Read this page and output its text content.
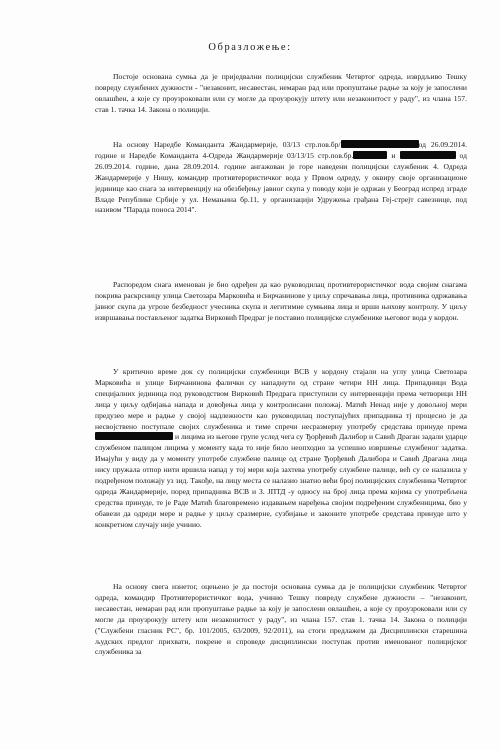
Образложење:
Постоје основана сумња да је приједвални полицијски службеник Четвртог одреда, изврдљиво Тешку повреду службених дужности - "незаконит, несавестан, немаран рад или пропуштање радње за коју је запослени овлашћен, а које су проузроковали или су могле да проузрокују штету или незаконитост у раду", из члана 157. став 1. тачка 14. Закона о полицији.
На основу Наредбе Команданта Жандармерије, 03/13 стр.пов.бр/	од 26.09.2014. године и Наредбе Команданта 4-Одреда Жандармерије 03/13/15 стр.пов.бр.	и	од 26.09.2014. године, дана 28.09.2014. године ангажован је горе наведени полицијски службеник 4. Одреда Жандармерије у Нишу, командир противтерористичког вода у Првом одреду, у оквиру своје организационе јединице као снага за интервенцију на обезбеђењу јавног скупа у поводу који је одржан у Београд испред зграде Владе Републике Србије у ул. Немањина бр.11, у организацији Удружења грађана Геј-стрејт савезнице, под називом "Парада поноса 2014".
Распоредом снага именован је био одређен да као руководилац противтерористичког вода својим снагама покрива раскрсницу улица Светозара Марковића и Бирчанинове у циљу спречавања лица, противника одржавања јавног скупа да угрозе безбедност учесника скупа и легитимне сумњива лица и врши њихову контролу. У циљу извршавања постављеног задатка Вирковић Предраг је поставио полицијске службенике његовог вода у кордон.
У критично време док су полицијски службеници ВСВ у кордону стајали на углу улица Светозара Марковића и улице Бирчанинова фалички су нападнути од стране четири НН лица. Припадници Вода специјалних јединица под руководством Вирковић Предрага приступили су интервенцији према четворици НН лица у циљу одбијања напада и довођења лица у контролисани положај. Матић Ненад није у довољној мери предузео мере и радње у својој надлежности као руководилац поступајућих припадника тј процесно је да несвојствено поступале својих службеника и тиме спречи несразмерну употребу средстава принуде према  и лицима из његове групе услед чега су Ђорђевић Далибор и Савић Драган задали ударце службеном палицом лицима у моменту када то није било неопходно за успешно извршење службеног задатка. Имајући у виду да у моменту употребе службене палице од стране Ђорђевић Далибора и Савић Драгана лица нису пружала отпор нити вршила напад у тој мери која захтева употребу службене палице, већ су се налазила у подређеном положају уз зид. Такође, на лицу места се налазио знатно већи број полицијских службеника Четвртог одреда Жандармерије, поред припадника ВСВ и З. ЈПТД -у односу на број лица према којима су употребљена средства принуде, те је Раде Матић благовремено издавањем наређења својим подређеним службеницима, био у обавези да одреди мере и радње у циљу сразмерне, сузбијање и законите употребе средстава принуде што у конкретном случају није учинио.
На основу свега изнетог, оцењено је да постоји основана сумња да је полицијски службеник Четвртог одреда, командир Противтерористичког вода, учинио Тешку повреду службене дужности – "незаконит, несавестан, немаран рад или пропуштање радње за коју је запослени овлашћен, а које су проузроковали или су могле да проузрокују штету или незаконитост у раду", из члана 157. став 1. тачка 14. Закона о полицији ("Службени гласник РС", бр. 101/2005, 63/2009, 92/2011), на стоги предлажем да Дисциплински старешина људских предлог прихвати, покрене и спроведе дисциплински поступак против именованог полицијског службеника за
